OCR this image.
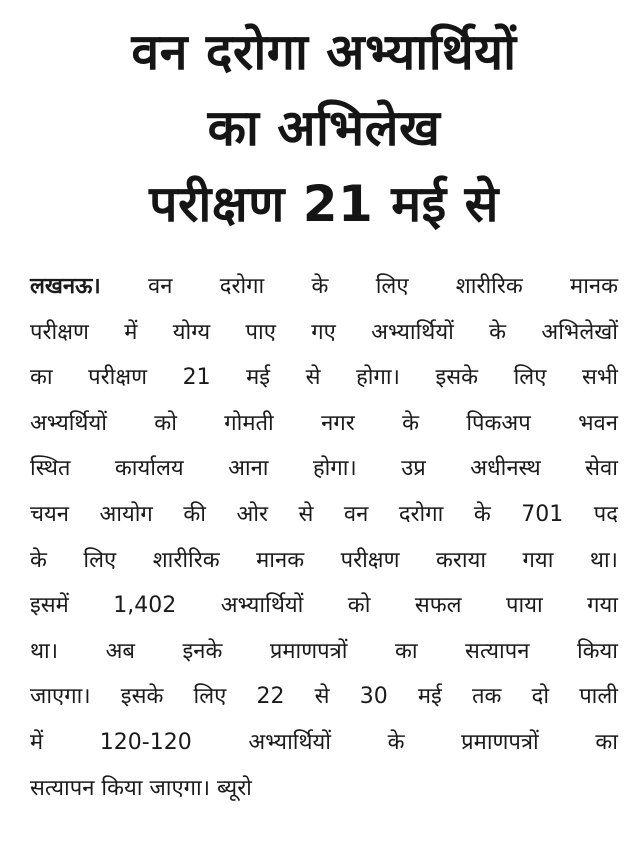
वन दरोगा अभ्यार्थियों
का अभिलेख
परीक्षण 21 मई से
लखनऊ। वन दरोगा के लिए शारीरिक मानक
परीक्षण में योग्य पाए गए अभ्यार्थियों के अभिलेखों
का परीक्षण 21 मई से होगा। इसके लिए सभी
अभ्यर्थियों को गोमती नगर के पिकअप भवन
स्थित कार्यालय आना होगा। उप्र अधीनस्थ सेवा
चयन आयोग की ओर से वन दरोगा के 701 पद
के लिए शारीरिक मानक परीक्षण कराया गया था।
इसमें 1,402 अभ्यार्थियों को सफल पाया गया
था। अब इनके प्रमाणपत्रों का सत्यापन किया
जाएगा। इसके लिए 22 से 30 मई तक दो पाली
में 120-120 अभ्यार्थियों के प्रमाणपत्रों का
सत्यापन किया जाएगा। ब्यूरो
